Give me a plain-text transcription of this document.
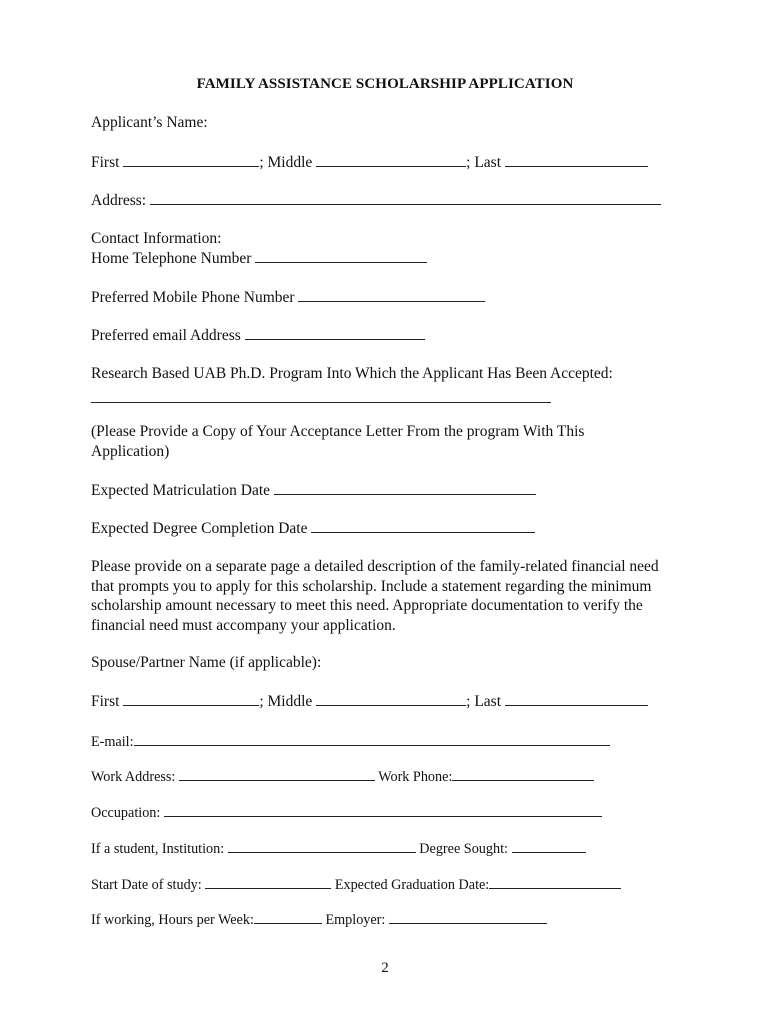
FAMILY ASSISTANCE SCHOLARSHIP APPLICATION
Applicant’s Name:
First	; Middle	; Last
Address:
Contact Information:
Home Telephone Number
Preferred Mobile Phone Number
Preferred email Address
Research Based UAB Ph.D. Program Into Which the Applicant Has Been Accepted:
(Please Provide a Copy of Your Acceptance Letter From the program With This Application)
Expected Matriculation Date
Expected Degree Completion Date
Please provide on a separate page a detailed description of the family-related financial need that prompts you to apply for this scholarship. Include a statement regarding the minimum scholarship amount necessary to meet this need. Appropriate documentation to verify the financial need must accompany your application.
Spouse/Partner Name (if applicable):
First	; Middle	; Last
E-mail:
Work Address:	Work Phone:
Occupation:
If a student, Institution:	Degree Sought:
Start Date of study:	Expected Graduation Date:
If working, Hours per Week:	Employer:
2
